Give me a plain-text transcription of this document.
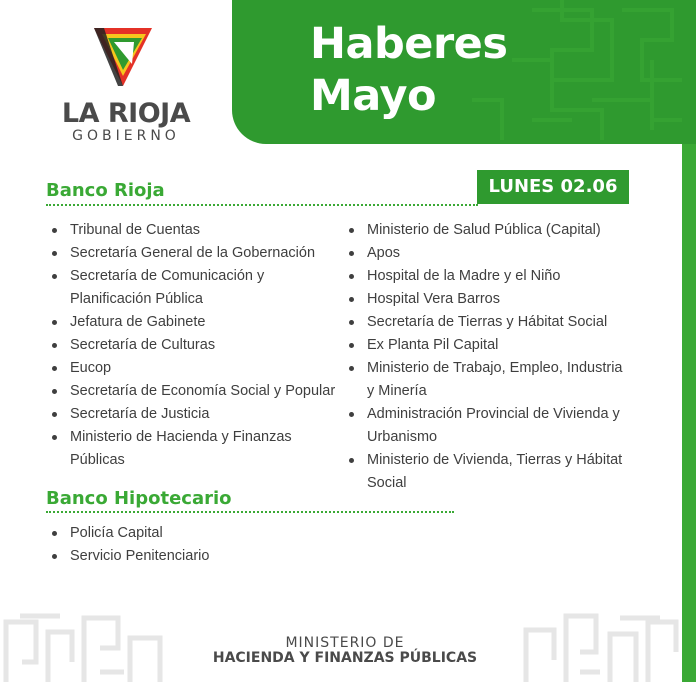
Haberes
Mayo
LA RIOJA
GOBIERNO
LUNES 02.06
Banco Rioja
Tribunal de Cuentas
Secretaría General de la Gobernación
Secretaría de Comunicación y
Planificación Pública
Jefatura de Gabinete
Secretaría de Culturas
Eucop
Secretaría de Economía Social y Popular
Secretaría de Justicia
Ministerio de Hacienda y Finanzas
Públicas
Ministerio de Salud Pública (Capital)
Apos
Hospital de la Madre y el Niño
Hospital Vera Barros
Secretaría de Tierras y Hábitat Social
Ex Planta Pil Capital
Ministerio de Trabajo, Empleo, Industria
y Minería
Administración Provincial de Vivienda y
Urbanismo
Ministerio de Vivienda, Tierras y Hábitat
Social
Banco Hipotecario
Policía Capital
Servicio Penitenciario
MINISTERIO DE
HACIENDA Y FINANZAS PÚBLICAS
